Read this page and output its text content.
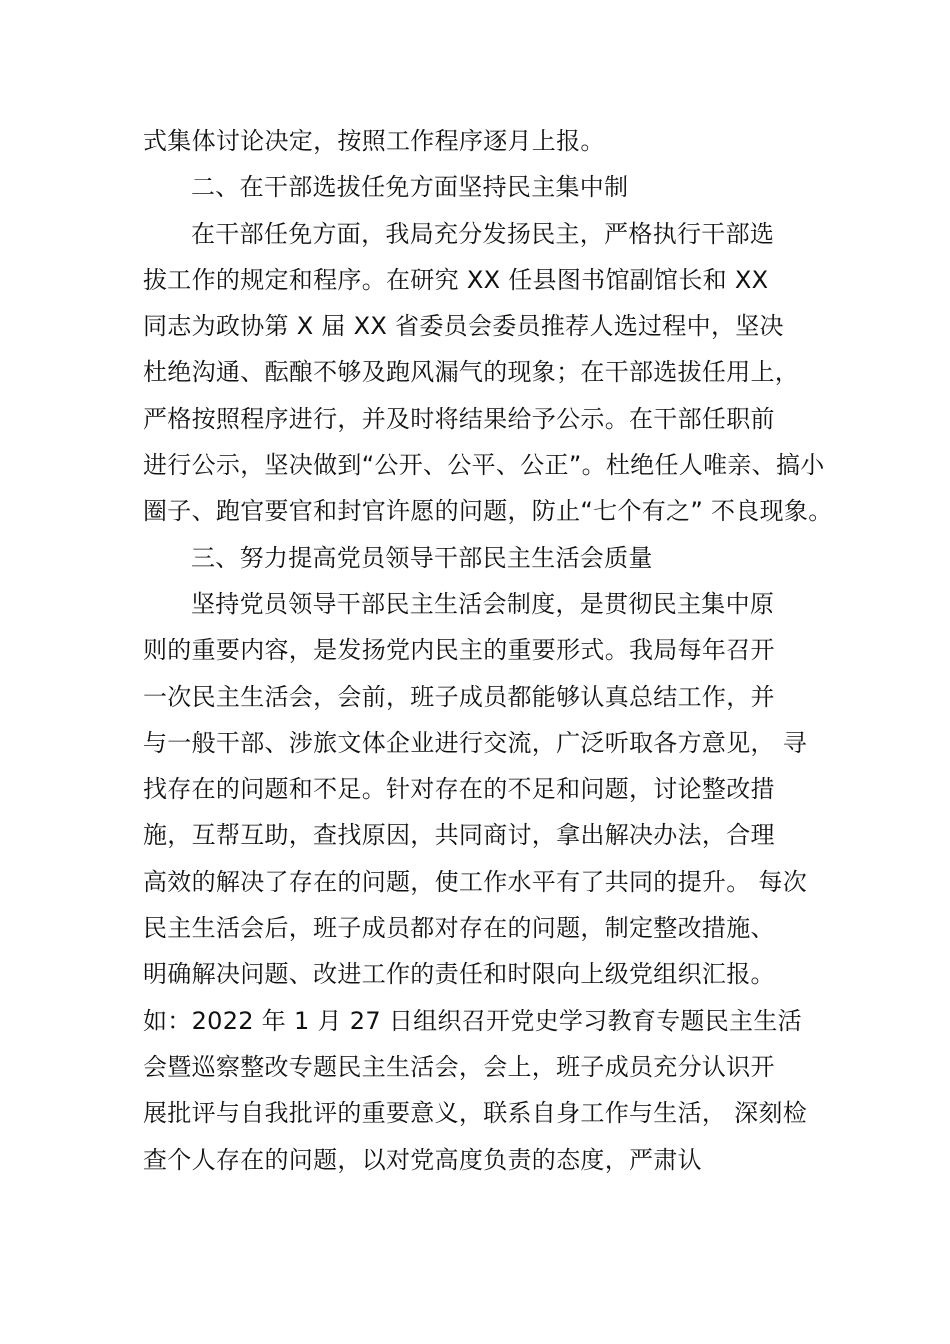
式集体讨论决定，按照工作程序逐月上报。
二、在干部选拔任免方面坚持民主集中制
在干部任免方面，我局充分发扬民主，严格执行干部选
拔工作的规定和程序。在研究 XX 任县图书馆副馆长和 XX
同志为政协第 X 届 XX 省委员会委员推荐人选过程中，坚决
杜绝沟通、酝酿不够及跑风漏气的现象；在干部选拔任用上，
严格按照程序进行，并及时将结果给予公示。在干部任职前
进行公示，坚决做到“公开、公平、公正”。杜绝任人唯亲、搞小
圈子、跑官要官和封官许愿的问题，防止“七个有之” 不良现象。
三、努力提高党员领导干部民主生活会质量
坚持党员领导干部民主生活会制度，是贯彻民主集中原
则的重要内容，是发扬党内民主的重要形式。我局每年召开
一次民主生活会，会前，班子成员都能够认真总结工作，并
与一般干部、涉旅文体企业进行交流，广泛听取各方意见， 寻
找存在的问题和不足。针对存在的不足和问题，讨论整改措
施，互帮互助，查找原因，共同商讨，拿出解决办法，合理
高效的解决了存在的问题，使工作水平有了共同的提升。 每次
民主生活会后，班子成员都对存在的问题，制定整改措施、
明确解决问题、改进工作的责任和时限向上级党组织汇报。
如：2022 年 1 月 27 日组织召开党史学习教育专题民主生活
会暨巡察整改专题民主生活会，会上，班子成员充分认识开
展批评与自我批评的重要意义，联系自身工作与生活， 深刻检
查个人存在的问题，以对党高度负责的态度，严肃认
